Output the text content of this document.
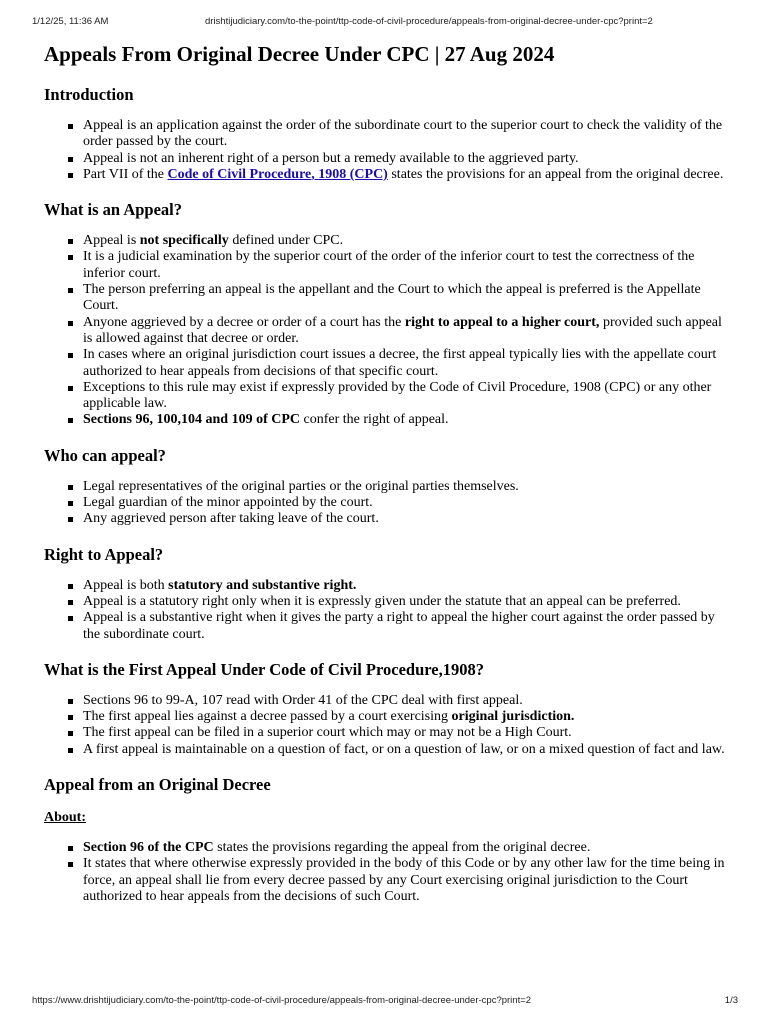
1/12/25, 11:36 AM	drishtijudiciary.com/to-the-point/ttp-code-of-civil-procedure/appeals-from-original-decree-under-cpc?print=2
Appeals From Original Decree Under CPC | 27 Aug 2024
Introduction
Appeal is an application against the order of the subordinate court to the superior court to check the validity of the order passed by the court.
Appeal is not an inherent right of a person but a remedy available to the aggrieved party.
Part VII of the Code of Civil Procedure, 1908 (CPC) states the provisions for an appeal from the original decree.
What is an Appeal?
Appeal is not specifically defined under CPC.
It is a judicial examination by the superior court of the order of the inferior court to test the correctness of the inferior court.
The person preferring an appeal is the appellant and the Court to which the appeal is preferred is the Appellate Court.
Anyone aggrieved by a decree or order of a court has the right to appeal to a higher court, provided such appeal is allowed against that decree or order.
In cases where an original jurisdiction court issues a decree, the first appeal typically lies with the appellate court authorized to hear appeals from decisions of that specific court.
Exceptions to this rule may exist if expressly provided by the Code of Civil Procedure, 1908 (CPC) or any other applicable law.
Sections 96, 100,104 and 109 of CPC confer the right of appeal.
Who can appeal?
Legal representatives of the original parties or the original parties themselves.
Legal guardian of the minor appointed by the court.
Any aggrieved person after taking leave of the court.
Right to Appeal?
Appeal is both statutory and substantive right.
Appeal is a statutory right only when it is expressly given under the statute that an appeal can be preferred.
Appeal is a substantive right when it gives the party a right to appeal the higher court against the order passed by the subordinate court.
What is the First Appeal Under Code of Civil Procedure,1908?
Sections 96 to 99-A, 107 read with Order 41 of the CPC deal with first appeal.
The first appeal lies against a decree passed by a court exercising original jurisdiction.
The first appeal can be filed in a superior court which may or may not be a High Court.
A first appeal is maintainable on a question of fact, or on a question of law, or on a mixed question of fact and law.
Appeal from an Original Decree
About:
Section 96 of the CPC states the provisions regarding the appeal from the original decree.
It states that where otherwise expressly provided in the body of this Code or by any other law for the time being in force, an appeal shall lie from every decree passed by any Court exercising original jurisdiction to the Court authorized to hear appeals from the decisions of such Court.
https://www.drishtijudiciary.com/to-the-point/ttp-code-of-civil-procedure/appeals-from-original-decree-under-cpc?print=2	1/3
